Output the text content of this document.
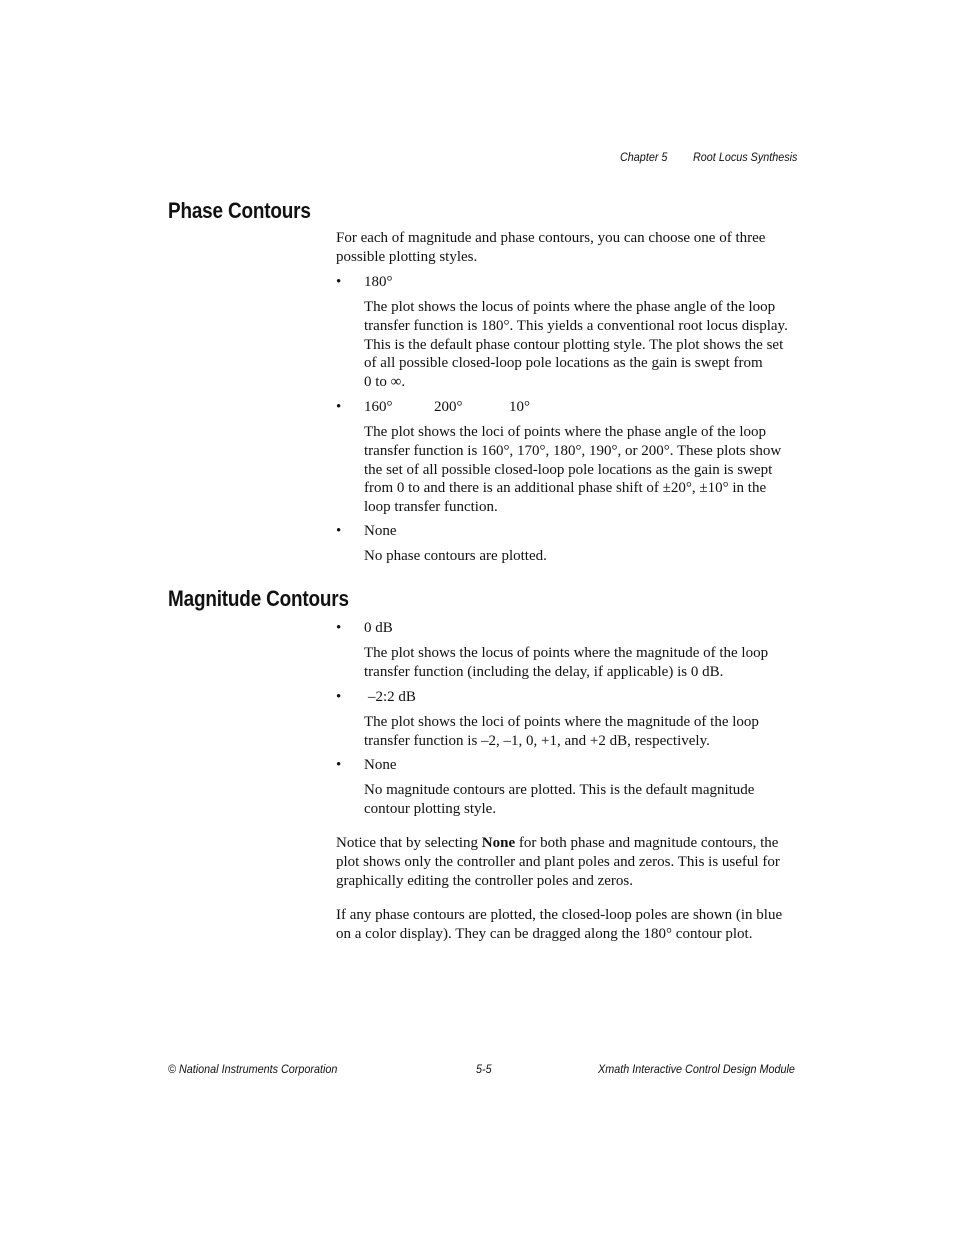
Chapter 5 Root Locus Synthesis
Phase Contours
For each of magnitude and phase contours, you can choose one of three
possible plotting styles.
• 180°
The plot shows the locus of points where the phase angle of the loop
transfer function is 180°. This yields a conventional root locus display.
This is the default phase contour plotting style. The plot shows the set
of all possible closed-loop pole locations as the gain is swept from
0 to ∞.
• 160°	200°	10°
The plot shows the loci of points where the phase angle of the loop
transfer function is 160°, 170°, 180°, 190°, or 200°. These plots show
the set of all possible closed-loop pole locations as the gain is swept
from 0 to and there is an additional phase shift of ±20°, ±10° in the
loop transfer function.
• None
No phase contours are plotted.
Magnitude Contours
• 0 dB
The plot shows the locus of points where the magnitude of the loop
transfer function (including the delay, if applicable) is 0 dB.
• –2:2 dB
The plot shows the loci of points where the magnitude of the loop
transfer function is –2, –1, 0, +1, and +2 dB, respectively.
• None
No magnitude contours are plotted. This is the default magnitude
contour plotting style.
Notice that by selecting None for both phase and magnitude contours, the
plot shows only the controller and plant poles and zeros. This is useful for
graphically editing the controller poles and zeros.
If any phase contours are plotted, the closed-loop poles are shown (in blue
on a color display). They can be dragged along the 180° contour plot.
© National Instruments Corporation	5-5	Xmath Interactive Control Design Module
